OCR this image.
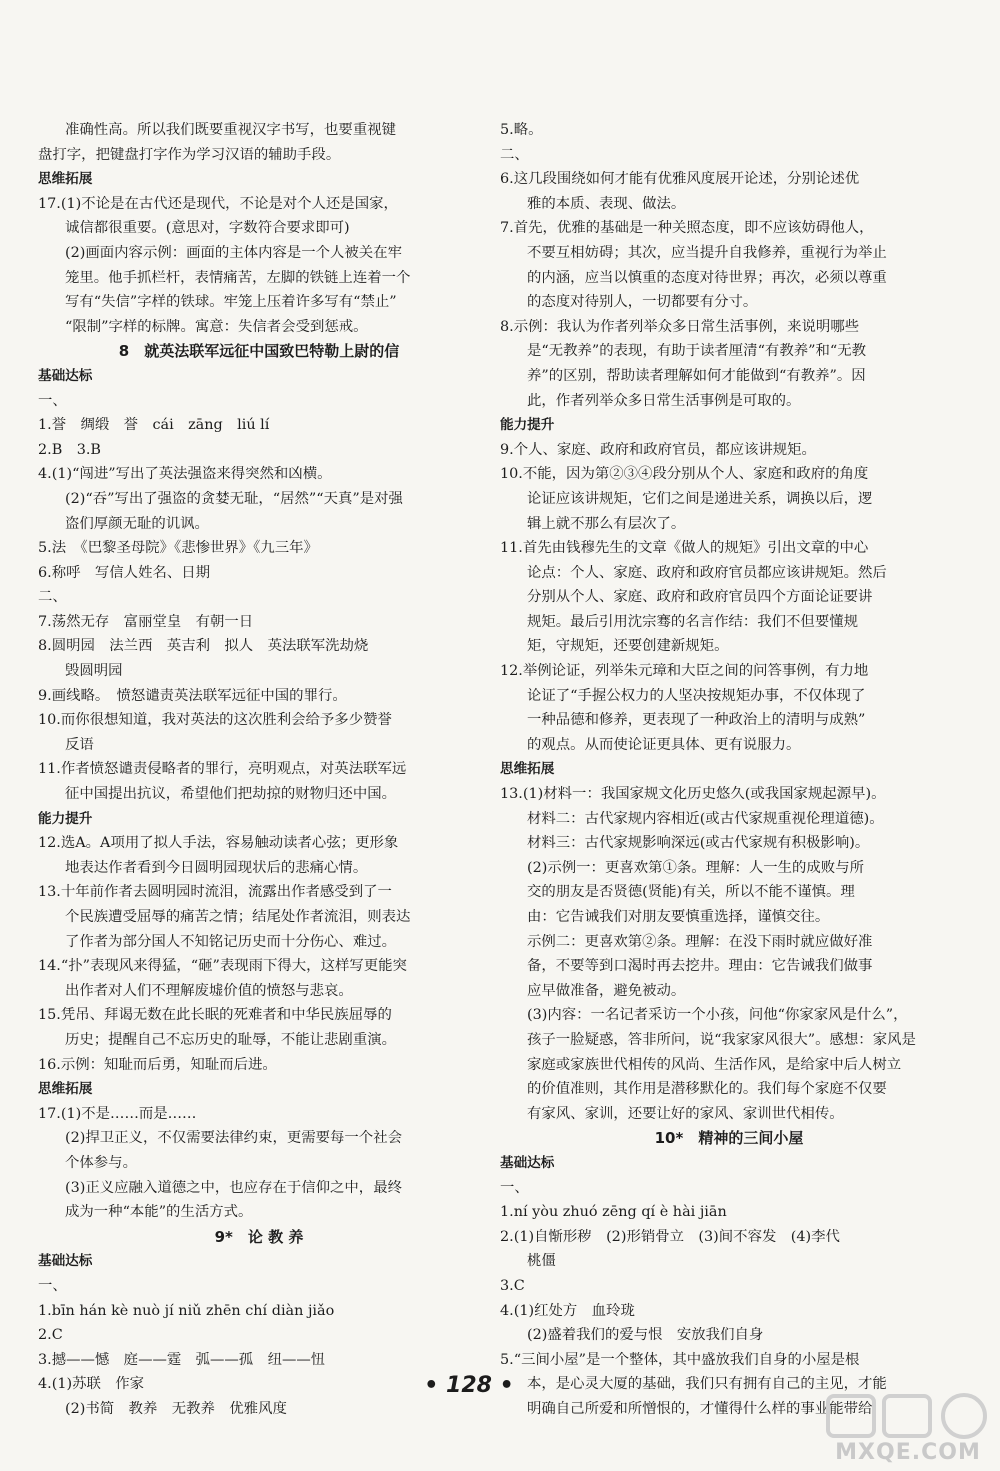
准确性高。所以我们既要重视汉字书写，也要重视键
盘打字，把键盘打字作为学习汉语的辅助手段。
思维拓展
17.(1)不论是在古代还是现代，不论是对个人还是国家，
诚信都很重要。(意思对，字数符合要求即可)
(2)画面内容示例：画面的主体内容是一个人被关在牢
笼里。他手抓栏杆，表情痛苦，左脚的铁链上连着一个
写有“失信”字样的铁球。牢笼上压着许多写有“禁止”
“限制”字样的标牌。寓意：失信者会受到惩戒。
8　就英法联军远征中国致巴特勒上尉的信
基础达标
一、
1.誉　绸缎　誉　cái　zāng　liú lí
2.B　3.B
4.(1)“闯进”写出了英法强盗来得突然和凶横。
(2)“吞”写出了强盗的贪婪无耻，“居然”“天真”是对强
盗们厚颜无耻的讥讽。
5.法　《巴黎圣母院》《悲惨世界》《九三年》
6.称呼　写信人姓名、日期
二、
7.荡然无存　富丽堂皇　有朝一日
8.圆明园　法兰西　英吉利　拟人　英法联军洗劫烧
毁圆明园
9.画线略。　愤怒谴责英法联军远征中国的罪行。
10.而你很想知道，我对英法的这次胜利会给予多少赞誉
反语
11.作者愤怒谴责侵略者的罪行，亮明观点，对英法联军远
征中国提出抗议，希望他们把劫掠的财物归还中国。
能力提升
12.选A。A项用了拟人手法，容易触动读者心弦；更形象
地表达作者看到今日圆明园现状后的悲痛心情。
13.十年前作者去圆明园时流泪，流露出作者感受到了一
个民族遭受屈辱的痛苦之情；结尾处作者流泪，则表达
了作者为部分国人不知铭记历史而十分伤心、难过。
14.“扑”表现风来得猛，“砸”表现雨下得大，这样写更能突
出作者对人们不理解废墟价值的愤怒与悲哀。
15.凭吊、拜谒无数在此长眠的死难者和中华民族屈辱的
历史；提醒自己不忘历史的耻辱，不能让悲剧重演。
16.示例：知耻而后勇，知耻而后进。
思维拓展
17.(1)不是……而是……
(2)捍卫正义，不仅需要法律约束，更需要每一个社会
个体参与。
(3)正义应融入道德之中，也应存在于信仰之中，最终
成为一种“本能”的生活方式。
9*　论 教 养
基础达标
一、
1.bīn hán kè nuò jí niǔ zhēn chí diàn jiǎo
2.C
3.撼——憾　庭——霆　弧——孤　纽——忸
4.(1)苏联　作家
(2)书简　教养　无教养　优雅风度
5.略。
二、
6.这几段围绕如何才能有优雅风度展开论述，分别论述优
雅的本质、表现、做法。
7.首先，优雅的基础是一种关照态度，即不应该妨碍他人，
不要互相妨碍；其次，应当提升自我修养，重视行为举止
的内涵，应当以慎重的态度对待世界；再次，必须以尊重
的态度对待别人，一切都要有分寸。
8.示例：我认为作者列举众多日常生活事例，来说明哪些
是“无教养”的表现，有助于读者厘清“有教养”和“无教
养”的区别，帮助读者理解如何才能做到“有教养”。因
此，作者列举众多日常生活事例是可取的。
能力提升
9.个人、家庭、政府和政府官员，都应该讲规矩。
10.不能，因为第②③④段分别从个人、家庭和政府的角度
论证应该讲规矩，它们之间是递进关系，调换以后，逻
辑上就不那么有层次了。
11.首先由钱穆先生的文章《做人的规矩》引出文章的中心
论点：个人、家庭、政府和政府官员都应该讲规矩。然后
分别从个人、家庭、政府和政府官员四个方面论证要讲
规矩。最后引用沈宗骞的名言作结：我们不但要懂规
矩，守规矩，还要创建新规矩。
12.举例论证，列举朱元璋和大臣之间的问答事例，有力地
论证了“手握公权力的人坚决按规矩办事，不仅体现了
一种品德和修养，更表现了一种政治上的清明与成熟”
的观点。从而使论证更具体、更有说服力。
思维拓展
13.(1)材料一：我国家规文化历史悠久(或我国家规起源早)。
材料二：古代家规内容相近(或古代家规重视伦理道德)。
材料三：古代家规影响深远(或古代家规有积极影响)。
(2)示例一：更喜欢第①条。理解：人一生的成败与所
交的朋友是否贤德(贤能)有关，所以不能不谨慎。理
由：它告诫我们对朋友要慎重选择，谨慎交往。
示例二：更喜欢第②条。理解：在没下雨时就应做好准
备，不要等到口渴时再去挖井。理由：它告诫我们做事
应早做准备，避免被动。
(3)内容：一名记者采访一个小孩，问他“你家家风是什么”，
孩子一脸疑惑，答非所问，说“我家家风很大”。感想：家风是
家庭或家族世代相传的风尚、生活作风，是给家中后人树立
的价值准则，其作用是潜移默化的。我们每个家庭不仅要
有家风、家训，还要让好的家风、家训世代相传。
10*　精神的三间小屋
基础达标
一、
1.ní yòu zhuó zēng qí è hài jiān
2.(1)自惭形秽　(2)形销骨立　(3)间不容发　(4)李代
桃僵
3.C
4.(1)红处方　血玲珑
(2)盛着我们的爱与恨　安放我们自身
5.“三间小屋”是一个整体，其中盛放我们自身的小屋是根
本，是心灵大厦的基础，我们只有拥有自己的主见，才能
明确自己所爱和所憎恨的，才懂得什么样的事业能带给
• 128 •
MXQE.COM
